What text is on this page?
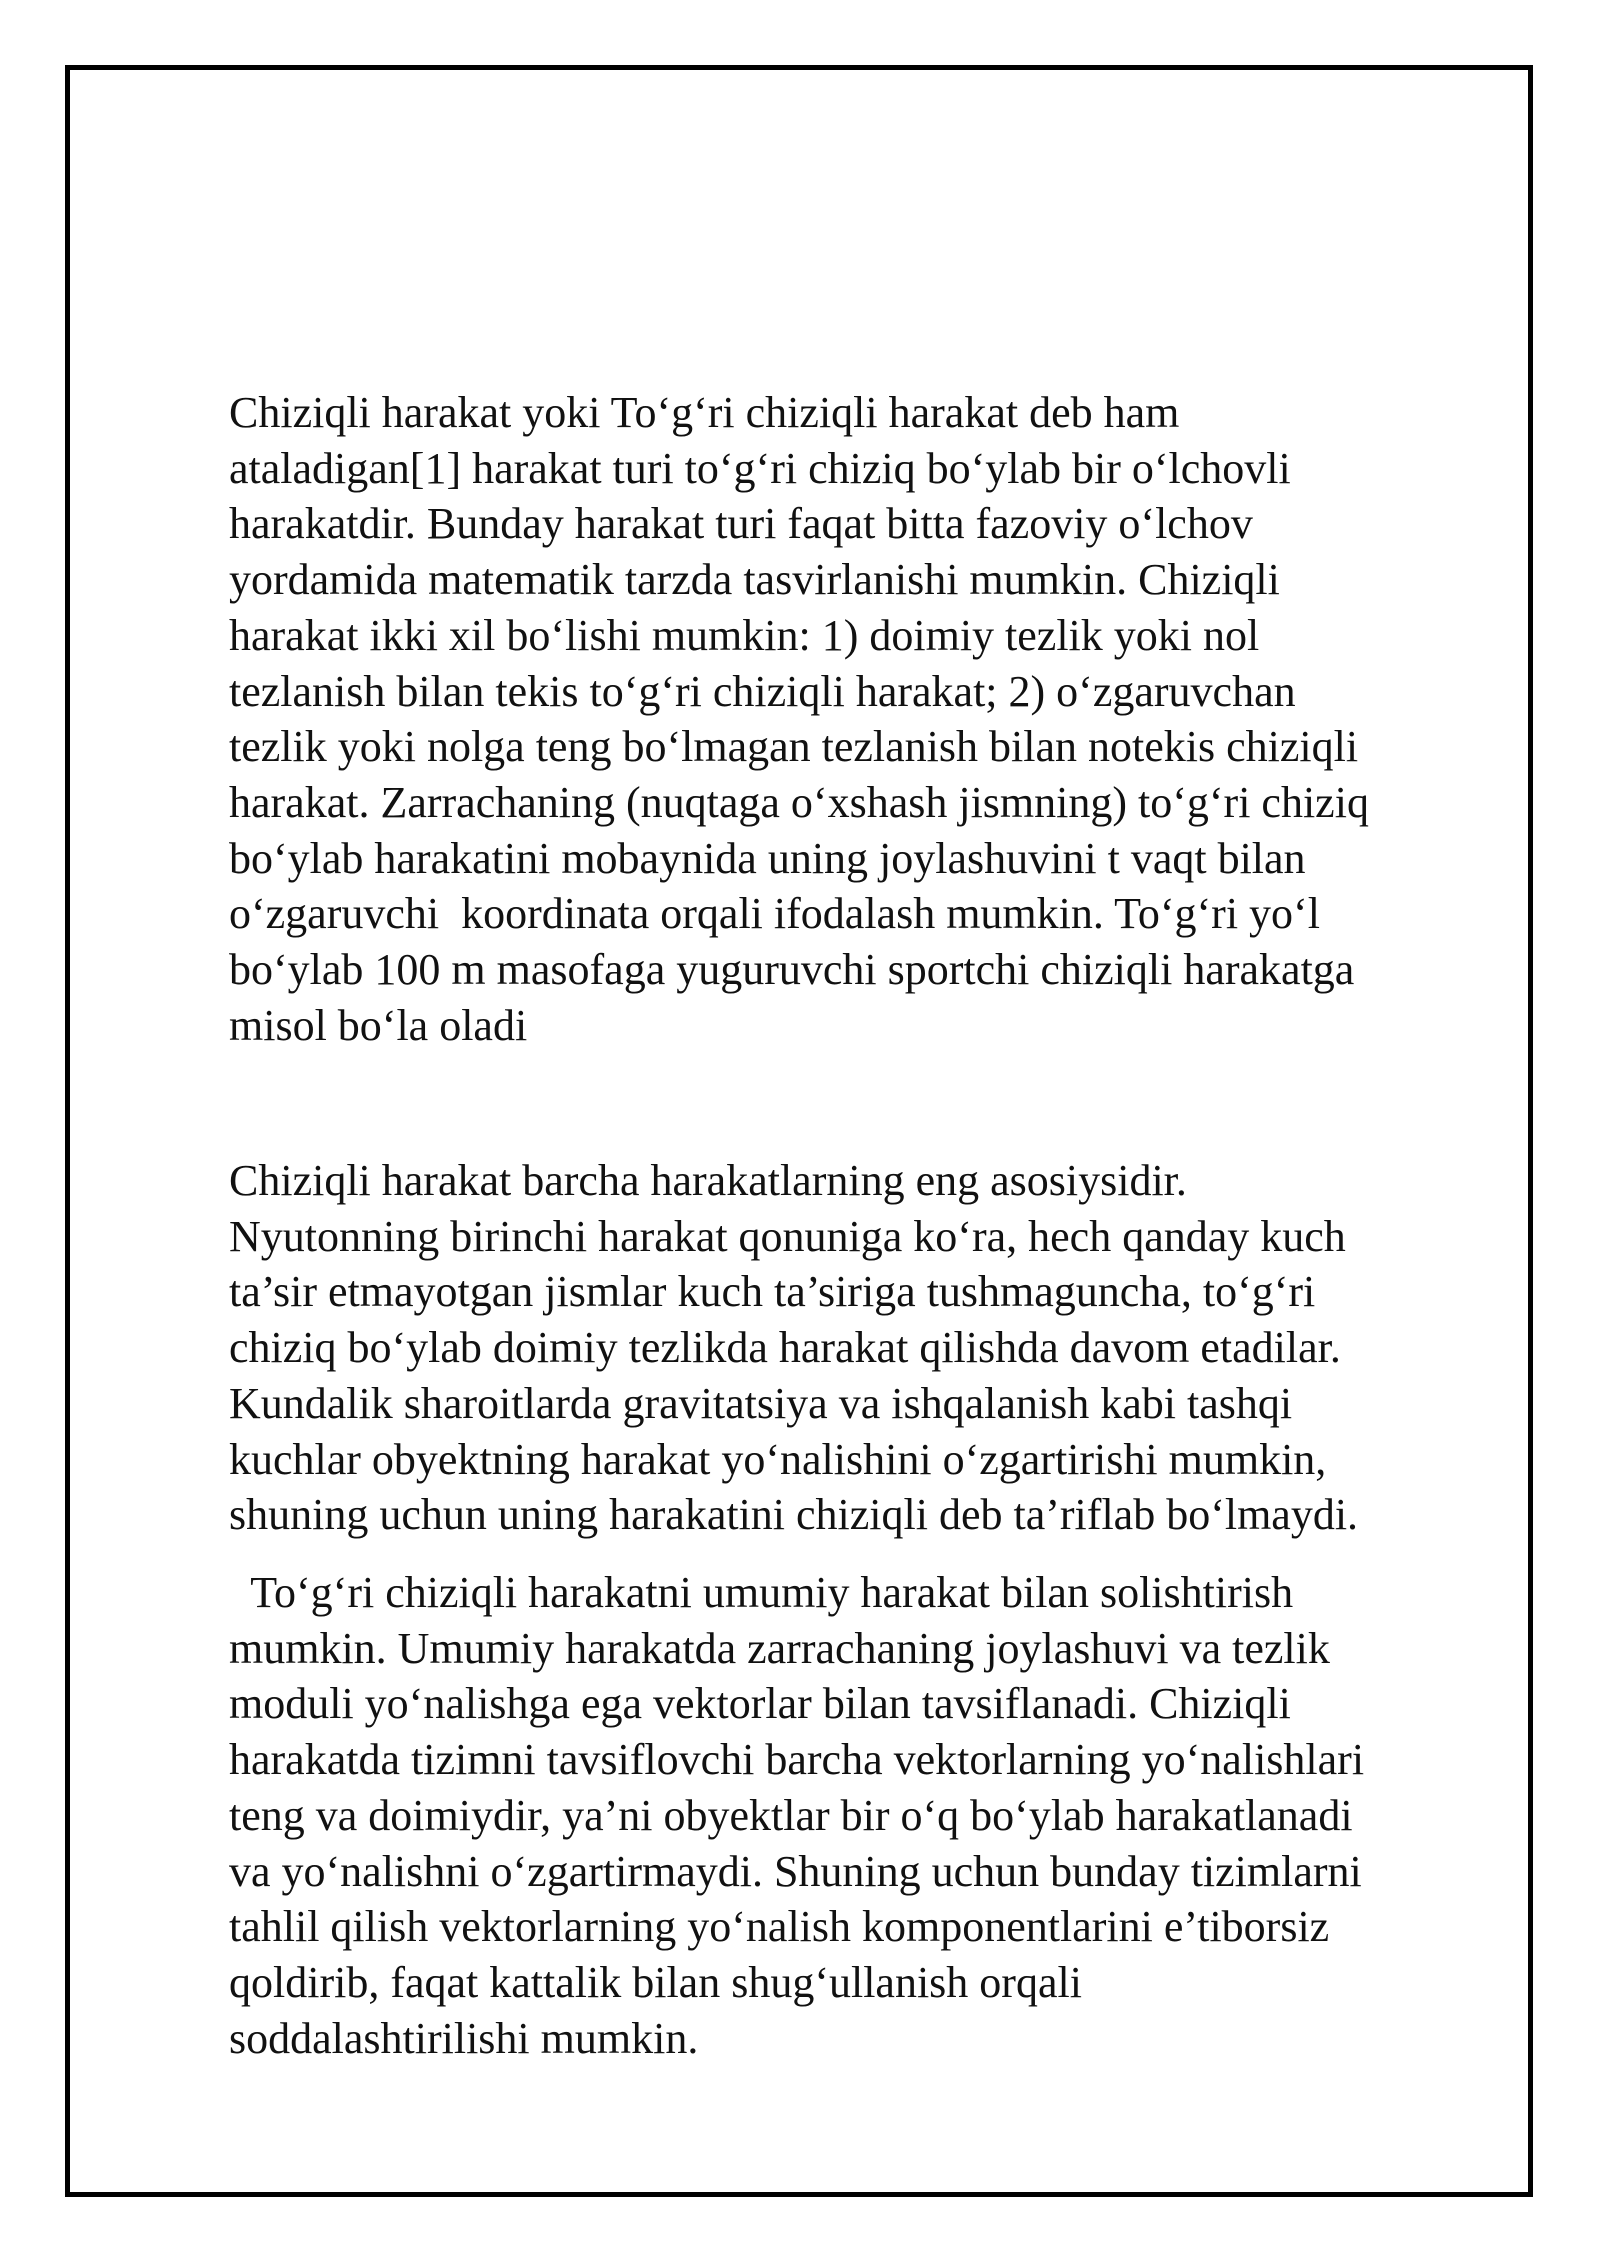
Chiziqli harakat yoki To‘g‘ri chiziqli harakat deb ham
ataladigan[1] harakat turi to‘g‘ri chiziq bo‘ylab bir o‘lchovli
harakatdir. Bunday harakat turi faqat bitta fazoviy o‘lchov
yordamida matematik tarzda tasvirlanishi mumkin. Chiziqli
harakat ikki xil bo‘lishi mumkin: 1) doimiy tezlik yoki nol
tezlanish bilan tekis to‘g‘ri chiziqli harakat; 2) o‘zgaruvchan
tezlik yoki nolga teng bo‘lmagan tezlanish bilan notekis chiziqli
harakat. Zarrachaning (nuqtaga o‘xshash jismning) to‘g‘ri chiziq
bo‘ylab harakatini mobaynida uning joylashuvini t vaqt bilan
o‘zgaruvchi  koordinata orqali ifodalash mumkin. To‘g‘ri yo‘l
bo‘ylab 100 m masofaga yuguruvchi sportchi chiziqli harakatga
misol bo‘la oladi

Chiziqli harakat barcha harakatlarning eng asosiysidir.
Nyutonning birinchi harakat qonuniga ko‘ra, hech qanday kuch
ta’sir etmayotgan jismlar kuch ta’siriga tushmaguncha, to‘g‘ri
chiziq bo‘ylab doimiy tezlikda harakat qilishda davom etadilar.
Kundalik sharoitlarda gravitatsiya va ishqalanish kabi tashqi
kuchlar obyektning harakat yo‘nalishini o‘zgartirishi mumkin,
shuning uchun uning harakatini chiziqli deb ta’riflab bo‘lmaydi.

To‘g‘ri chiziqli harakatni umumiy harakat bilan solishtirish
mumkin. Umumiy harakatda zarrachaning joylashuvi va tezlik
moduli yo‘nalishga ega vektorlar bilan tavsiflanadi. Chiziqli
harakatda tizimni tavsiflovchi barcha vektorlarning yo‘nalishlari
teng va doimiydir, ya’ni obyektlar bir o‘q bo‘ylab harakatlanadi
va yo‘nalishni o‘zgartirmaydi. Shuning uchun bunday tizimlarni
tahlil qilish vektorlarning yo‘nalish komponentlarini e’tiborsiz
qoldirib, faqat kattalik bilan shug‘ullanish orqali
soddalashtirilishi mumkin.
